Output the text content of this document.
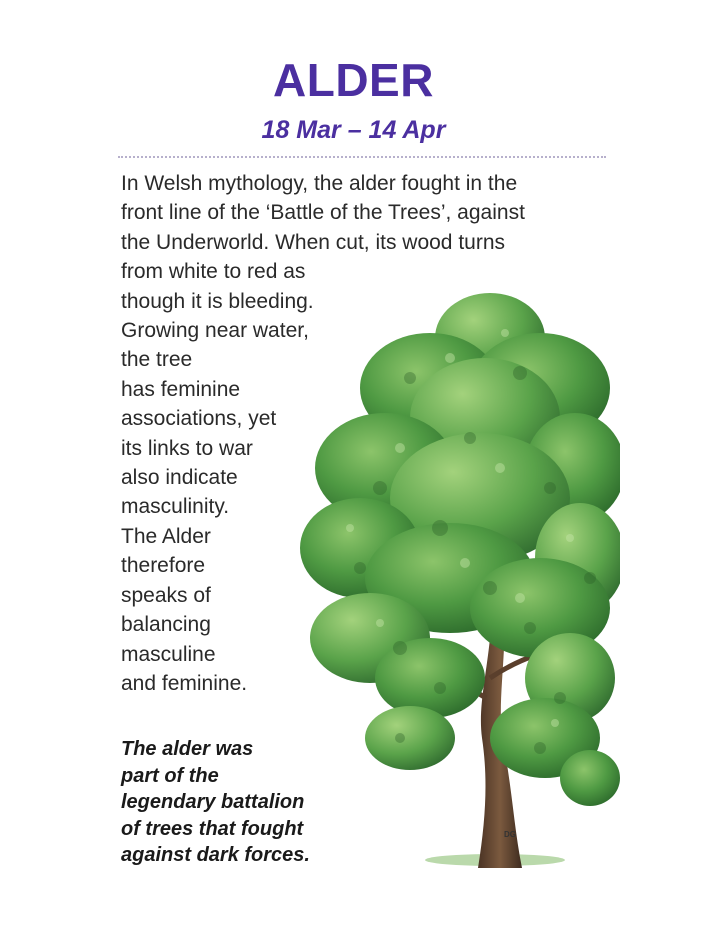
ALDER
18 Mar – 14 Apr
DG
In Welsh mythology, the alder fought in the
front line of the ‘Battle of the Trees’, against
the Underworld. When cut, its wood turns
from white to red as
though it is bleeding.
Growing near water,
the tree
has feminine
associations, yet
its links to war
also indicate
masculinity.
The Alder
therefore
speaks of
balancing
masculine
and feminine.
The alder was
part of the
legendary battalion
of trees that fought
against dark forces.
